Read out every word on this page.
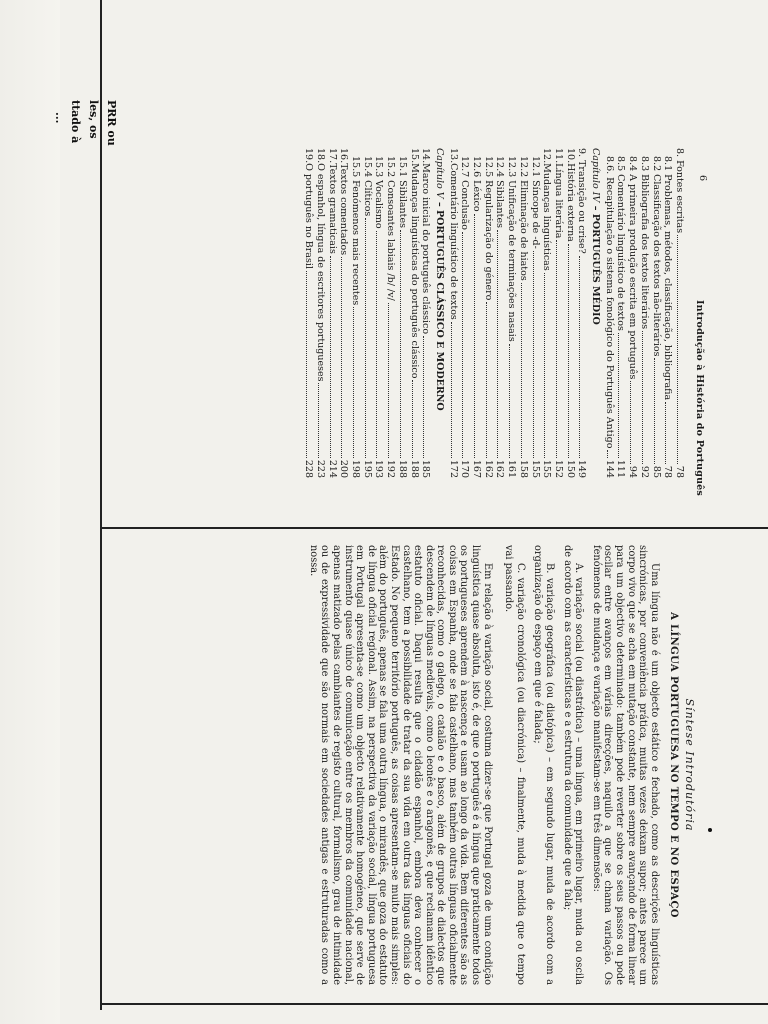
PRR ou
les, os
ttado à
...
6
Introdução à História do Português
8. Fontes escritas
78
8.1 Problemas, métodos, classificação, bibliografia
78
8.2 Classificação dos textos não-literários
85
8.3 Bibliografia dos textos literários
92
8.4 A primeira produção escrita em português
94
8.5 Comentário linguístico de textos
111
8.6. Recapitulação o sistema fonológico do Português Antigo
144
Capítulo IV – PORTUGUÊS MÉDIO
9. Transição ou crise?
149
10.História externa
150
11.Língua literária
152
12.Mudanças linguísticas
155
12.1 Síncope de -d-
155
12.2 Eliminação de hiatos
158
12.3 Unificação de terminações nasais
161
12.4 Sibilantes
162
12.5 Regularização do género
162
12.6 Léxico
167
12.7 Conclusão
170
13.Comentário linguístico de textos
172
Capítulo V – PORTUGUÊS CLÁSSICO E MODERNO
14.Marco inicial do português clássico
185
15.Mudanças linguísticas do português clássico
188
15.1 Sibilantes
188
15.2 Consoantes labiais /b/ /v/
192
15.3 Vocalismo
193
15.4 Clíticos
195
15.5 Fenómenos mais recentes
198
16.Textos comentados
200
17.Textos gramaticais
214
18.O espanhol, língua de escritores portugueses
223
19.O português no Brasil
228
Síntese Introdutória
A LÍNGUA PORTUGUESA NO TEMPO E NO ESPAÇO

Uma língua não é um objecto estático e fechado, como as descrições linguísticas sincrónicas, por conveniência prática, muitas vezes deixam supor; antes parece um corpo vivo que se acha em mutação constante, nem sempre avançando de forma linear para um objectivo determinado: também pode reverter sobre os seus passos ou pode oscilar entre avanços em várias direcções, naquilo a que se chama variação. Os fenómenos de mudança e variação manifestam-se em três dimensões:

A. variação social (ou diastrática) – uma língua, em primeiro lugar, muda ou oscila de acordo com as características e a estrutura da comunidade que a fala;

B. variação geográfica (ou diatópica) – em segundo lugar, muda de acordo com a organização do espaço em que é falada;

C. variação cronológica (ou diacrónica) – finalmente, muda à medida que o tempo vai passando.

Em relação à variação social, costuma dizer-se que Portugal goza de uma condição linguística quase absoluta, isto é, de que o português é a língua que praticamente todos os portugueses aprendem à nascença e usam ao longo da vida. Bem diferentes são as coisas em Espanha, onde se fala castelhano, mas também outras línguas oficialmente reconhecidas, como o galego, o catalão e o basco, além de grupos de dialectos que descendem de línguas medievais, como o leonês e o aragonês, e que reclamam idêntico estatuto oficial. Daqui resulta que o cidadão espanhol, embora deva conhecer o castelhano, tem a possibilidade de tratar da sua vida em outra das línguas oficiais do Estado. No pequeno território português, as coisas apresentam-se muito mais simples: além do português, apenas se fala uma outra língua, o mirandês, que goza do estatuto de língua oficial regional. Assim, na perspectiva da variação social, língua portuguesa em Portugal apresenta-se como um objecto relativamente homogéneo, que serve de instrumento quase único de comunicação entre os membros da comunidade nacional, apenas matizado pelas cambiantes de registo cultural, formalismo, grau de intimidade ou de expressividade que são normais em sociedades antigas e estruturadas como a nossa.
